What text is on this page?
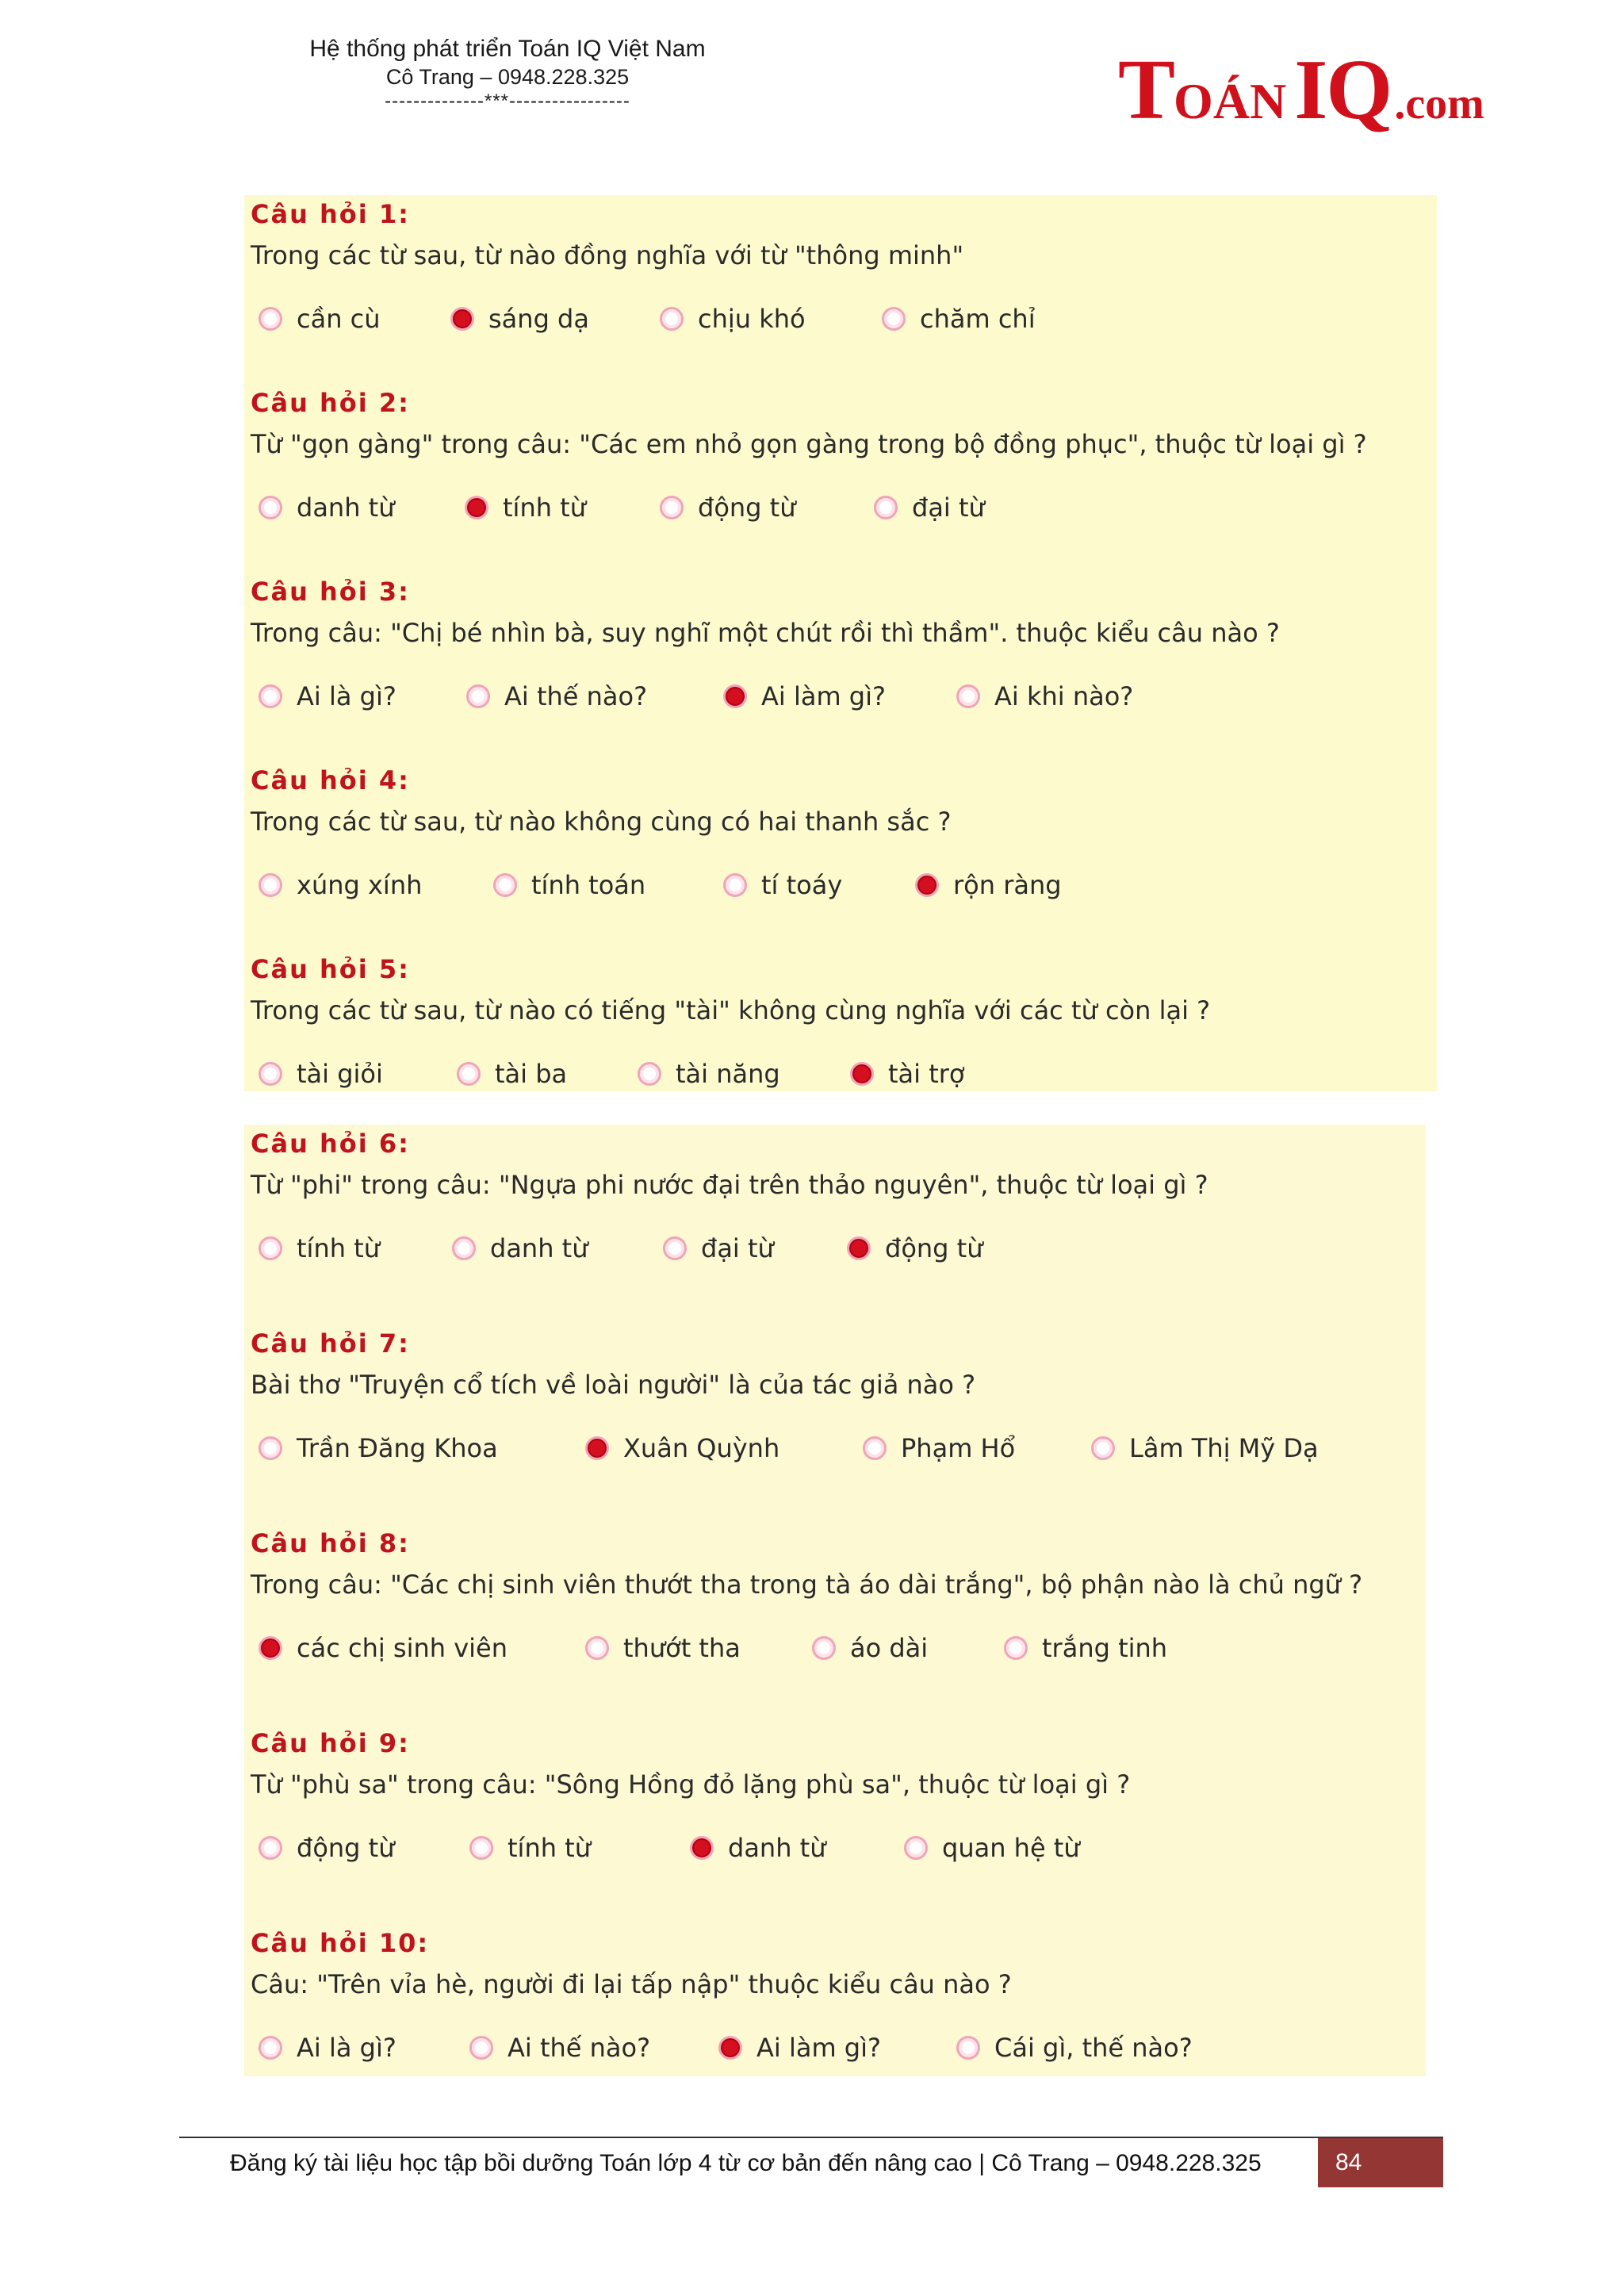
Hệ thống phát triển Toán IQ Việt Nam
Cô Trang – 0948.228.325
--------------***-----------------	TOÁNIQ.com
Câu hỏi 1:
Trong các từ sau, từ nào đồng nghĩa với từ "thông minh"
cần cù	sáng dạ	chịu khó	chăm chỉ
Câu hỏi 2:
Từ "gọn gàng" trong câu: "Các em nhỏ gọn gàng trong bộ đồng phục", thuộc từ loại gì ?
danh từ	tính từ	động từ	đại từ
Câu hỏi 3:
Trong câu: "Chị bé nhìn bà, suy nghĩ một chút rồi thì thầm". thuộc kiểu câu nào ?
Ai là gì?	Ai thế nào?	Ai làm gì?	Ai khi nào?
Câu hỏi 4:
Trong các từ sau, từ nào không cùng có hai thanh sắc ?
xúng xính	tính toán	tí toáy	rộn ràng
Câu hỏi 5:
Trong các từ sau, từ nào có tiếng "tài" không cùng nghĩa với các từ còn lại ?
tài giỏi	tài ba	tài năng	tài trợ
Câu hỏi 6:
Từ "phi" trong câu: "Ngựa phi nước đại trên thảo nguyên", thuộc từ loại gì ?
tính từ	danh từ	đại từ	động từ
Câu hỏi 7:
Bài thơ "Truyện cổ tích về loài người" là của tác giả nào ?
Trần Đăng Khoa	Xuân Quỳnh	Phạm Hổ	Lâm Thị Mỹ Dạ
Câu hỏi 8:
Trong câu: "Các chị sinh viên thướt tha trong tà áo dài trắng", bộ phận nào là chủ ngữ ?
các chị sinh viên	thướt tha	áo dài	trắng tinh
Câu hỏi 9:
Từ "phù sa" trong câu: "Sông Hồng đỏ lặng phù sa", thuộc từ loại gì ?
động từ	tính từ	danh từ	quan hệ từ
Câu hỏi 10:
Câu: "Trên vỉa hè, người đi lại tấp nập" thuộc kiểu câu nào ?
Ai là gì?	Ai thế nào?	Ai làm gì?	Cái gì, thế nào?
Đăng ký tài liệu học tập bồi dưỡng Toán lớp 4 từ cơ bản đến nâng cao | Cô Trang – 0948.228.325	84
